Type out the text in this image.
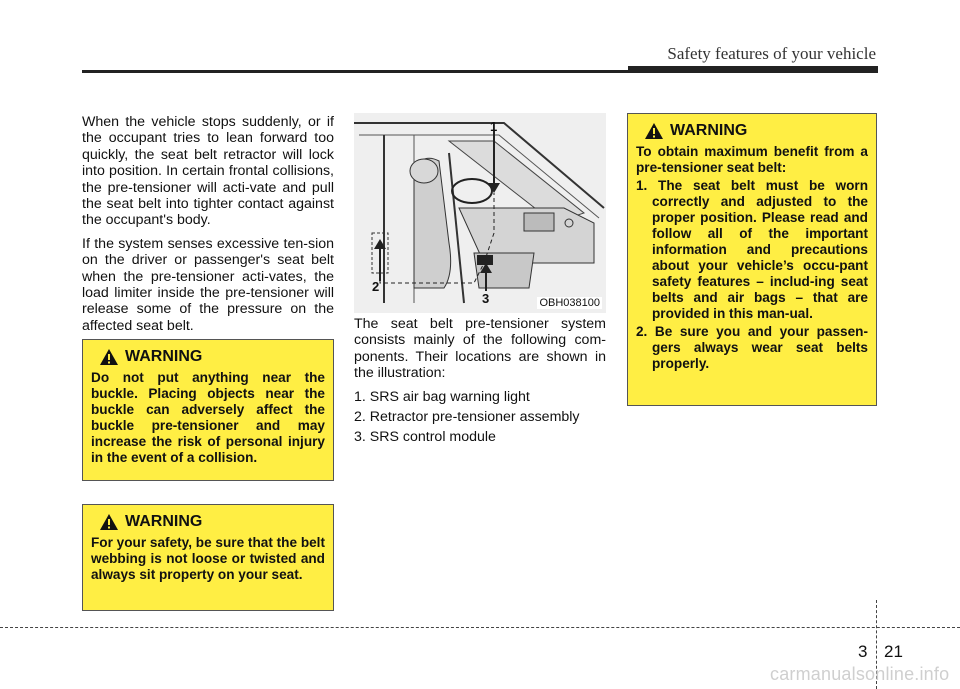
Safety features of your vehicle

When the vehicle stops suddenly, or if the occupant tries to lean forward too quickly, the seat belt retractor will lock into position. In certain frontal collisions, the pre-tensioner will acti-vate and pull the seat belt into tighter contact against the occupant's body.

If the system senses excessive ten-sion on the driver or passenger's seat belt when the pre-tensioner acti-vates, the load limiter inside the pre-tensioner will release some of the pressure on the affected seat belt.

WARNING
Do not put anything near the buckle. Placing objects near the buckle can adversely affect the buckle pre-tensioner and may increase the risk of personal injury in the event of a collision.
WARNING
For your safety, be sure that the belt webbing is not loose or twisted and always sit property on your seat.
1
2
3	OBH038100

The seat belt pre-tensioner system consists mainly of the following com-ponents. Their locations are shown in the illustration:

1. SRS air bag warning light
2. Retractor pre-tensioner assembly
3. SRS control module
WARNING
To obtain maximum benefit from a pre-tensioner seat belt:
1. The seat belt must be worn correctly and adjusted to the proper position. Please read and follow all of the important information and precautions about your vehicle’s occu-pant safety features – includ-ing seat belts and air bags – that are provided in this man-ual.
2. Be sure you and your passen-gers always wear seat belts properly.
3 21
carmanualsonline.info
